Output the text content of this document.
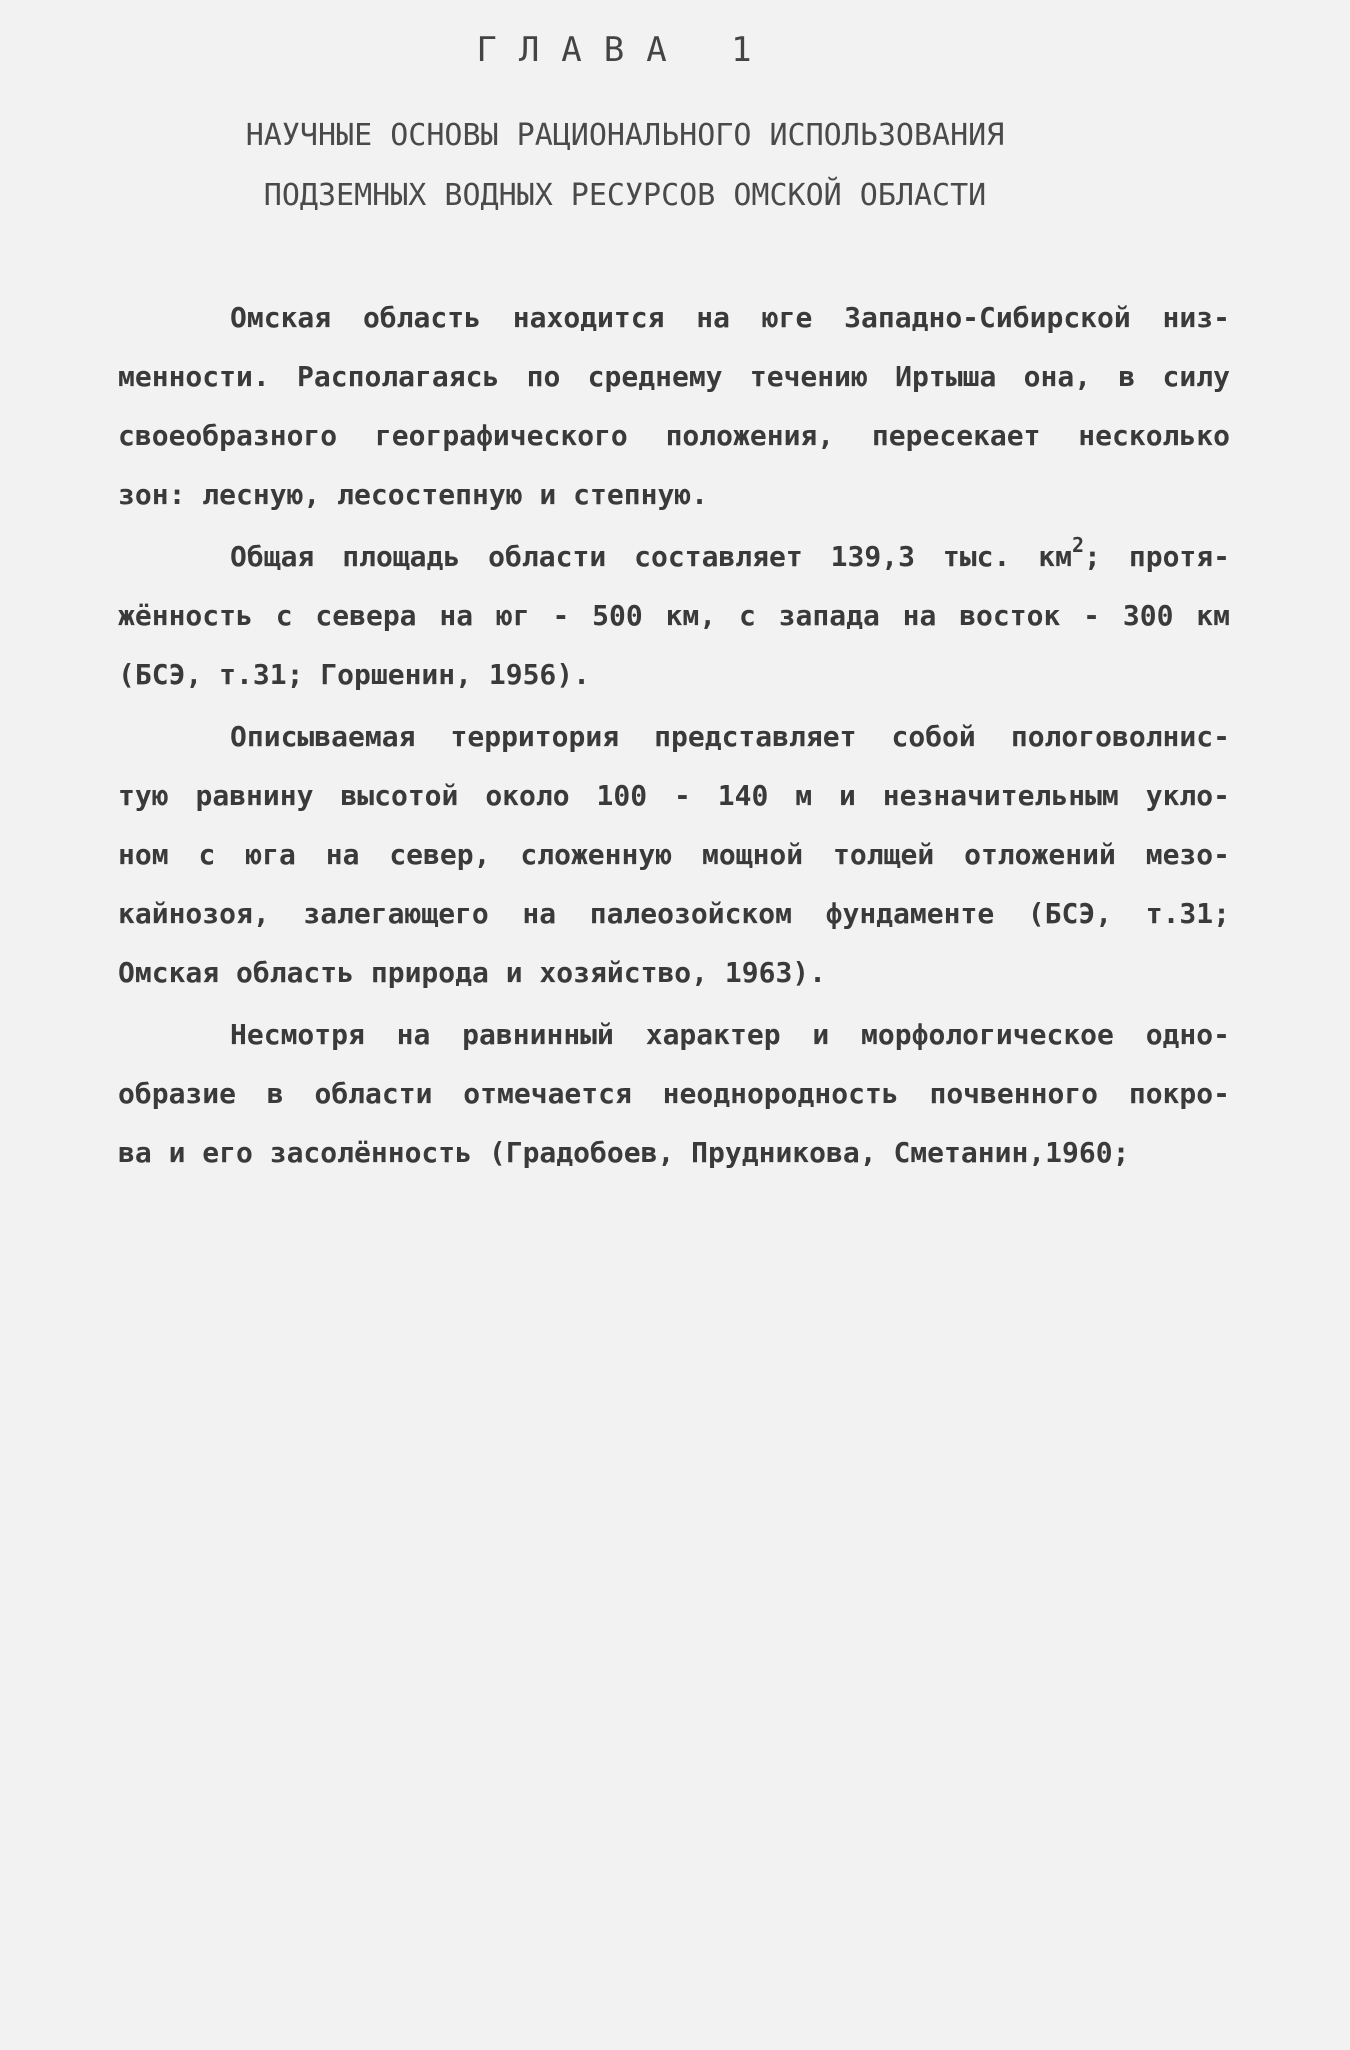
ГЛАВА 1
НАУЧНЫЕ ОСНОВЫ РАЦИОНАЛЬНОГО ИСПОЛЬЗОВАНИЯ
ПОДЗЕМНЫХ ВОДНЫХ РЕСУРСОВ ОМСКОЙ ОБЛАСТИ
Омская область находится на юге Западно-Сибирской низ-
менности. Располагаясь по среднему течению Иртыша она, в силу
своеобразного географического положения, пересекает несколько
зон: лесную, лесостепную и степную.
Общая площадь области составляет 139,3 тыс. $км^2$; протя-
жённость с севера на юг - 500 км, с запада на восток - 300 км
(БСЭ, т.31; Горшенин, 1956).
Описываемая территория представляет собой пологоволнис-
тую равнину высотой около 100 - 140 м и незначительным укло-
ном с юга на север, сложенную мощной толщей отложений мезо-
кайнозоя, залегающего на палеозойском фундаменте (БСЭ, т.31;
Омская область природа и хозяйство, 1963).
Несмотря на равнинный характер и морфологическое одно-
образие в области отмечается неоднородность почвенного покро-
ва и его засолённость (Градобоев, Прудникова, Сметанин,1960;
